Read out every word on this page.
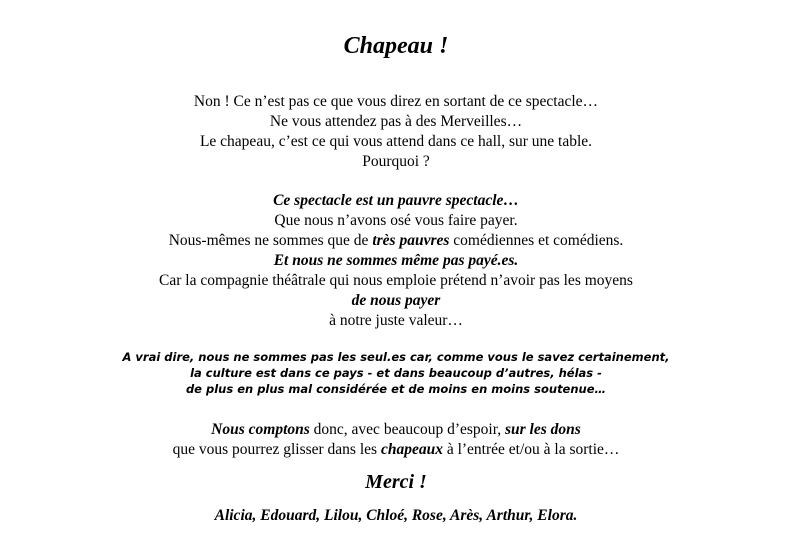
Chapeau !
Non ! Ce n’est pas ce que vous direz en sortant de ce spectacle…
Ne vous attendez pas à des Merveilles…
Le chapeau, c’est ce qui vous attend dans ce hall, sur une table.
Pourquoi ?
Ce spectacle est un pauvre spectacle…
Que nous n’avons osé vous faire payer.
Nous-mêmes ne sommes que de très pauvres comédiennes et comédiens.
Et nous ne sommes même pas payé.es.
Car la compagnie théâtrale qui nous emploie prétend n’avoir pas les moyens
de nous payer
à notre juste valeur…
A vrai dire, nous ne sommes pas les seul.es car, comme vous le savez certainement,
la culture est dans ce pays - et dans beaucoup d’autres, hélas -
de plus en plus mal considérée et de moins en moins soutenue…
Nous comptons donc, avec beaucoup d’espoir, sur les dons
que vous pourrez glisser dans les chapeaux à l’entrée et/ou à la sortie…
Merci !
Alicia, Edouard, Lilou, Chloé, Rose, Arès, Arthur, Elora.
